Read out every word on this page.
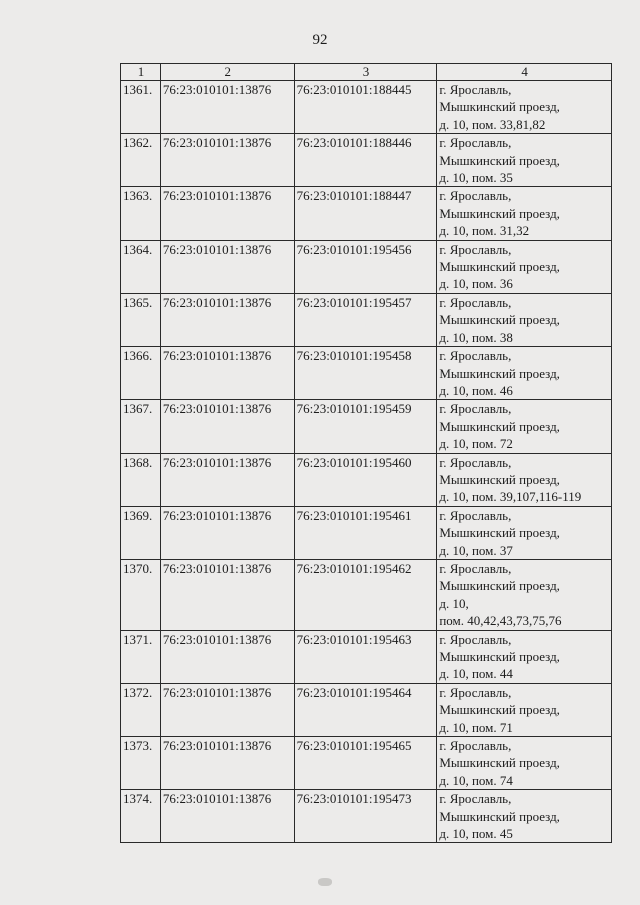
92
1	2	3	4
1361.	76:23:010101:13876	76:23:010101:188445	г. Ярославль,
Мышкинский проезд,
д. 10, пом. 33,81,82

1362.	76:23:010101:13876	76:23:010101:188446	г. Ярославль,
Мышкинский проезд,
д. 10, пом. 35

1363.	76:23:010101:13876	76:23:010101:188447	г. Ярославль,
Мышкинский проезд,
д. 10, пом. 31,32

1364.	76:23:010101:13876	76:23:010101:195456	г. Ярославль,
Мышкинский проезд,
д. 10, пом. 36

1365.	76:23:010101:13876	76:23:010101:195457	г. Ярославль,
Мышкинский проезд,
д. 10, пом. 38

1366.	76:23:010101:13876	76:23:010101:195458	г. Ярославль,
Мышкинский проезд,
д. 10, пом. 46

1367.	76:23:010101:13876	76:23:010101:195459	г. Ярославль,
Мышкинский проезд,
д. 10, пом. 72

1368.	76:23:010101:13876	76:23:010101:195460	г. Ярославль,
Мышкинский проезд,
д. 10, пом. 39,107,116-119

1369.	76:23:010101:13876	76:23:010101:195461	г. Ярославль,
Мышкинский проезд,
д. 10, пом. 37

1370.	76:23:010101:13876	76:23:010101:195462	г. Ярославль,
Мышкинский проезд,
д. 10,
пом. 40,42,43,73,75,76

1371.	76:23:010101:13876	76:23:010101:195463	г. Ярославль,
Мышкинский проезд,
д. 10, пом. 44

1372.	76:23:010101:13876	76:23:010101:195464	г. Ярославль,
Мышкинский проезд,
д. 10, пом. 71

1373.	76:23:010101:13876	76:23:010101:195465	г. Ярославль,
Мышкинский проезд,
д. 10, пом. 74

1374.	76:23:010101:13876	76:23:010101:195473	г. Ярославль,
Мышкинский проезд,
д. 10, пом. 45
